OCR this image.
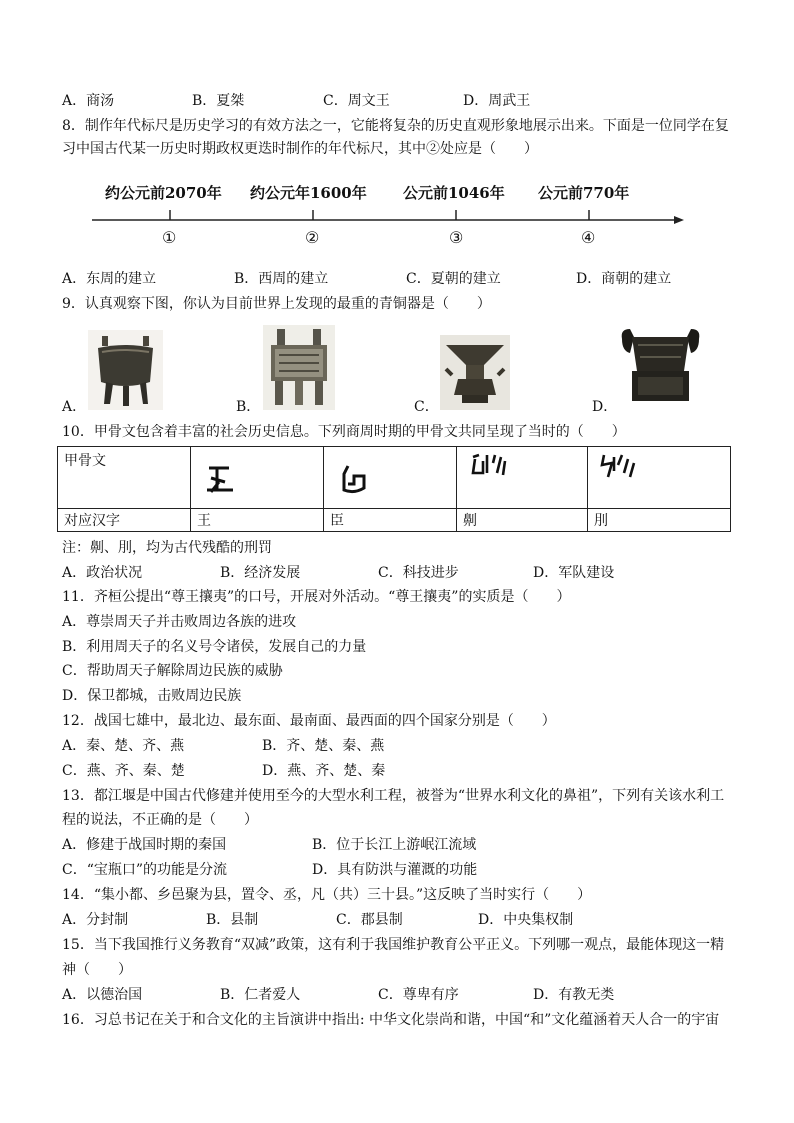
A．商汤	B．夏桀	C．周文王	D．周武王
8．制作年代标尺是历史学习的有效方法之一，它能将复杂的历史直观形象地展示出来。下面是一位同学在复
习中国古代某一历史时期政权更迭时制作的年代标尺，其中②处应是（　　）
约公元前2070年 约公元年1600年 公元前1046年 公元前770年
①	②	③	④
A．东周的建立	B．西周的建立	C．夏朝的建立	D．商朝的建立
9．认真观察下图，你认为目前世界上发现的最重的青铜器是（　　）
A．	B．	C．	D．
10．甲骨文包含着丰富的社会历史信息。下列商周时期的甲骨文共同呈现了当时的（　　）
甲骨文				
对应汉字	王	臣	劓	刖
注：劓、刖，均为古代残酷的刑罚
A．政治状况	B．经济发展	C．科技进步	D．军队建设
11．齐桓公提出“尊王攘夷”的口号，开展对外活动。“尊王攘夷”的实质是（　　）
A．尊崇周天子并击败周边各族的进攻
B．利用周天子的名义号令诸侯，发展自己的力量
C．帮助周天子解除周边民族的威胁
D．保卫都城，击败周边民族
12．战国七雄中，最北边、最东面、最南面、最西面的四个国家分别是（　　）
A．秦、楚、齐、燕	B．齐、楚、秦、燕
C．燕、齐、秦、楚	D．燕、齐、楚、秦
13．都江堰是中国古代修建并使用至今的大型水利工程，被誉为“世界水利文化的鼻祖”，下列有关该水利工
程的说法，不正确的是（　　）
A．修建于战国时期的秦国	B．位于长江上游岷江流域
C．“宝瓶口”的功能是分流	D．具有防洪与灌溉的功能
14．“集小都、乡邑聚为县，置令、丞，凡（共）三十县。”这反映了当时实行（　　）
A．分封制	B．县制	C．郡县制	D．中央集权制
15．当下我国推行义务教育“双减”政策，这有利于我国维护教育公平正义。下列哪一观点，最能体现这一精
神（　　）
A．以德治国	B．仁者爱人	C．尊卑有序	D．有教无类
16．习总书记在关于和合文化的主旨演讲中指出: 中华文化崇尚和谐，中国“和”文化蕴涵着天人合一的宇宙
